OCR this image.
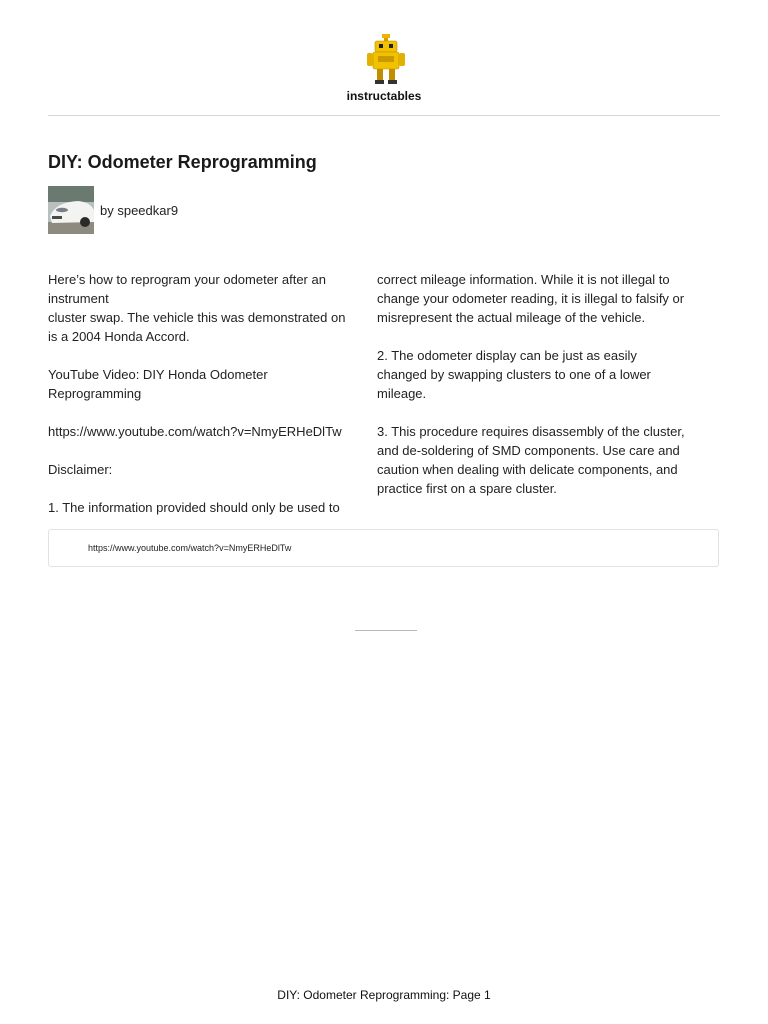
instructables
DIY: Odometer Reprogramming
by speedkar9

Here’s how to reprogram your odometer after an instrument
cluster swap. The vehicle this was demonstrated on is a 2004 Honda Accord.

YouTube Video: DIY Honda Odometer Reprogramming

https://www.youtube.com/watch?v=NmyERHeDlTw

Disclaimer:

1. The information provided should only be used to

correct mileage information. While it is not illegal to change your odometer reading, it is illegal to falsify or misrepresent the actual mileage of the vehicle.

2. The odometer display can be just as easily changed by swapping clusters to one of a lower mileage.

3. This procedure requires disassembly of the cluster, and de-soldering of SMD components. Use care and caution when dealing with delicate components, and practice first on a spare cluster.

https://www.youtube.com/watch?v=NmyERHeDlTw
DIY: Odometer Reprogramming: Page 1
